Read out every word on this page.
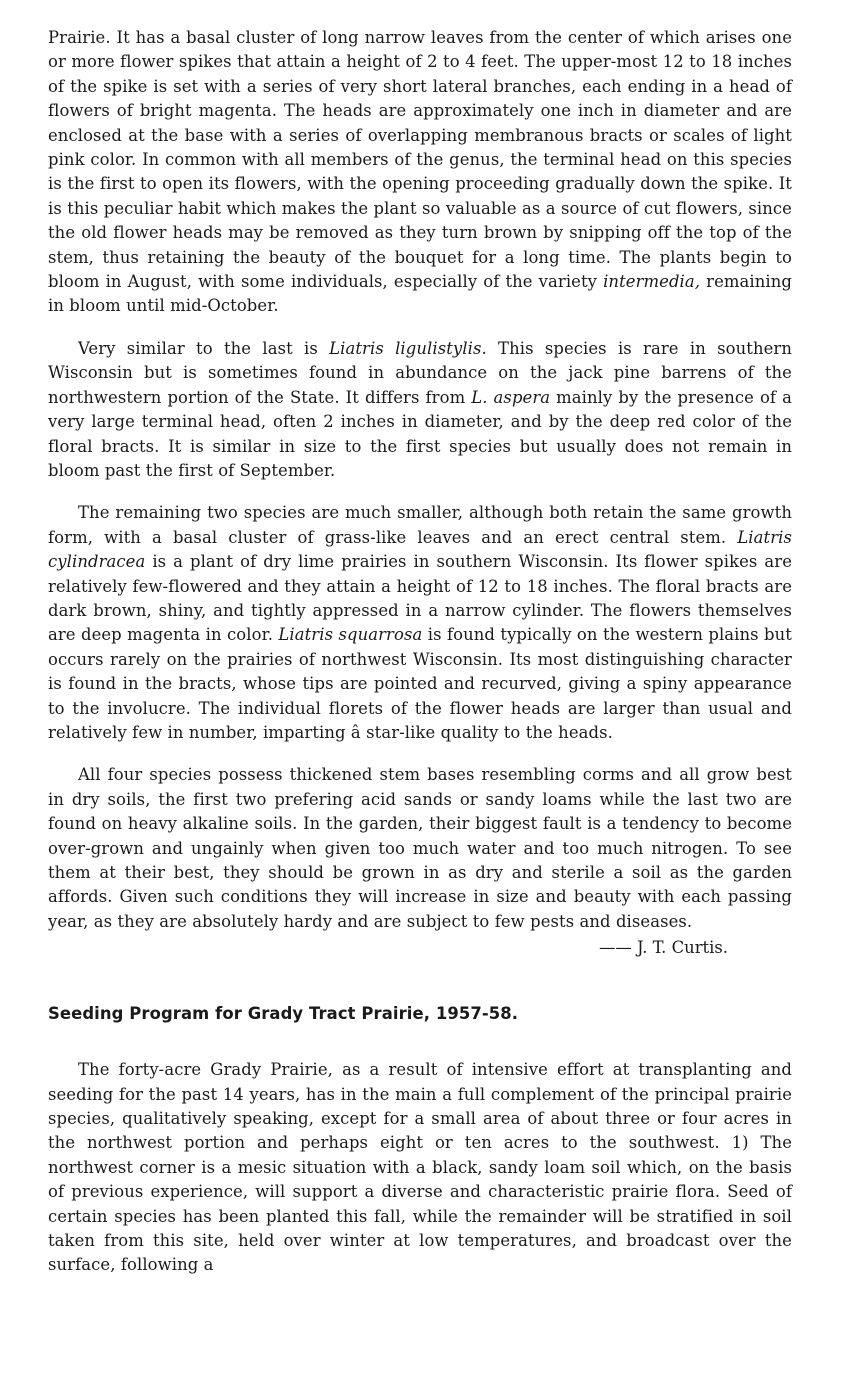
Prairie. It has a basal cluster of long narrow leaves from the center of which arises one or more flower spikes that attain a height of 2 to 4 feet. The upper-most 12 to 18 inches of the spike is set with a series of very short lateral branches, each ending in a head of flowers of bright magenta. The heads are approximately one inch in diameter and are enclosed at the base with a series of overlapping membranous bracts or scales of light pink color. In common with all members of the genus, the terminal head on this species is the first to open its flowers, with the opening proceeding gradually down the spike. It is this peculiar habit which makes the plant so valuable as a source of cut flowers, since the old flower heads may be removed as they turn brown by snipping off the top of the stem, thus retaining the beauty of the bouquet for a long time. The plants begin to bloom in August, with some individuals, especially of the variety intermedia, remaining in bloom until mid-October.

Very similar to the last is Liatris ligulistylis. This species is rare in southern Wisconsin but is sometimes found in abundance on the jack pine barrens of the northwestern portion of the State. It differs from L. aspera mainly by the presence of a very large terminal head, often 2 inches in diameter, and by the deep red color of the floral bracts. It is similar in size to the first species but usually does not remain in bloom past the first of September.

The remaining two species are much smaller, although both retain the same growth form, with a basal cluster of grass-like leaves and an erect central stem. Liatris cylindracea is a plant of dry lime prairies in southern Wisconsin. Its flower spikes are relatively few-flowered and they attain a height of 12 to 18 inches. The floral bracts are dark brown, shiny, and tightly appressed in a narrow cylinder. The flowers themselves are deep magenta in color. Liatris squarrosa is found typically on the western plains but occurs rarely on the prairies of northwest Wisconsin. Its most distinguishing character is found in the bracts, whose tips are pointed and recurved, giving a spiny appearance to the involucre. The individual florets of the flower heads are larger than usual and relatively few in number, imparting â star-like quality to the heads.

All four species possess thickened stem bases resembling corms and all grow best in dry soils, the first two prefering acid sands or sandy loams while the last two are found on heavy alkaline soils. In the garden, their biggest fault is a tendency to become over-grown and ungainly when given too much water and too much nitrogen. To see them at their best, they should be grown in as dry and sterile a soil as the garden affords. Given such conditions they will increase in size and beauty with each passing year, as they are absolutely hardy and are subject to few pests and diseases.

—— J. T. Curtis.

Seeding Program for Grady Tract Prairie, 1957-58.

The forty-acre Grady Prairie, as a result of intensive effort at transplanting and seeding for the past 14 years, has in the main a full complement of the principal prairie species, qualitatively speaking, except for a small area of about three or four acres in the northwest portion and perhaps eight or ten acres to the southwest. 1) The northwest corner is a mesic situation with a black, sandy loam soil which, on the basis of previous experience, will support a diverse and characteristic prairie flora. Seed of certain species has been planted this fall, while the remainder will be stratified in soil taken from this site, held over winter at low temperatures, and broadcast over the surface, following a
